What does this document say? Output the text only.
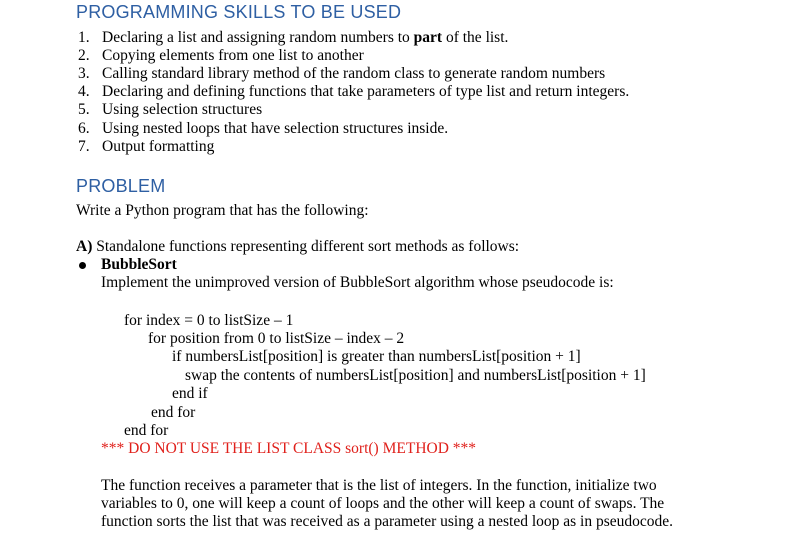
PROGRAMMING SKILLS TO BE USED
1. Declaring a list and assigning random numbers to part of the list.
2. Copying elements from one list to another
3. Calling standard library method of the random class to generate random numbers
4. Declaring and defining functions that take parameters of type list and return integers.
5. Using selection structures
6. Using nested loops that have selection structures inside.
7. Output formatting
PROBLEM
Write a Python program that has the following:
A) Standalone functions representing different sort methods as follows:
BubbleSort
Implement the unimproved version of BubbleSort algorithm whose pseudocode is:
for index = 0 to listSize – 1
for position from 0 to listSize – index – 2
if numbersList[position] is greater than numbersList[position + 1]
swap the contents of numbersList[position] and numbersList[position + 1]
end if
end for
end for
*** DO NOT USE THE LIST CLASS sort() METHOD ***
The function receives a parameter that is the list of integers. In the function, initialize two
variables to 0, one will keep a count of loops and the other will keep a count of swaps. The
function sorts the list that was received as a parameter using a nested loop as in pseudocode.
